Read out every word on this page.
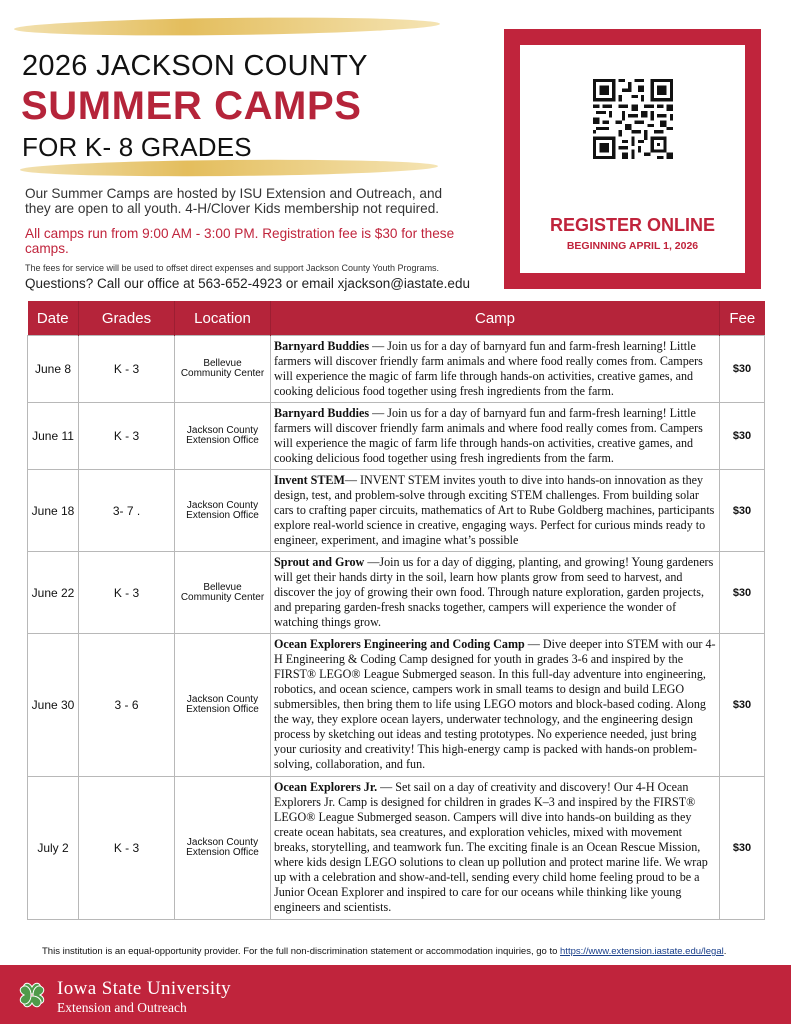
2026 JACKSON COUNTY
SUMMER CAMPS
FOR K- 8 GRADES
Our Summer Camps are hosted by ISU Extension and Outreach, and they are open to all youth. 4-H/Clover Kids membership not required.
All camps run from 9:00 AM - 3:00 PM. Registration fee is $30 for these camps.
The fees for service will be used to offset direct expenses and support Jackson County Youth Programs.
Questions? Call our office at 563-652-4923 or email xjackson@iastate.edu
REGISTER ONLINE
BEGINNING APRIL 1, 2026
Date	Grades	Location	Camp	Fee
June 8	K - 3	Bellevue
Community Center	Barnyard Buddies — Join us for a day of barnyard fun and farm-fresh learning! Little farmers will discover friendly farm animals and where food really comes from. Campers will experience the magic of farm life through hands-on activities, creative games, and cooking delicious food together using fresh ingredients from the farm.	$30
June 11	K - 3	Jackson County
Extension Office	Barnyard Buddies — Join us for a day of barnyard fun and farm-fresh learning! Little farmers will discover friendly farm animals and where food really comes from. Campers will experience the magic of farm life through hands-on activities, creative games, and cooking delicious food together using fresh ingredients from the farm.	$30
June 18	3- 7 .	Jackson County
Extension Office	Invent STEM— INVENT STEM invites youth to dive into hands-on innovation as they design, test, and problem-solve through exciting STEM challenges. From building solar cars to crafting paper circuits, mathematics of Art to Rube Goldberg machines, participants explore real-world science in creative, engaging ways. Perfect for curious minds ready to engineer, experiment, and imagine what’s possible	$30
June 22	K - 3	Bellevue
Community Center	Sprout and Grow —Join us for a day of digging, planting, and growing! Young gardeners will get their hands dirty in the soil, learn how plants grow from seed to harvest, and discover the joy of growing their own food. Through nature exploration, garden projects, and preparing garden-fresh snacks together, campers will experience the wonder of watching things grow.	$30
June 30	3 - 6	Jackson County
Extension Office	Ocean Explorers Engineering and Coding Camp — Dive deeper into STEM with our 4-H Engineering & Coding Camp designed for youth in grades 3-6 and inspired by the FIRST® LEGO® League Submerged season. In this full-day adventure into engineering, robotics, and ocean science, campers work in small teams to design and build LEGO submersibles, then bring them to life using LEGO motors and block-based coding. Along the way, they explore ocean layers, underwater technology, and the engineering design process by sketching out ideas and testing prototypes. No experience needed, just bring your curiosity and creativity! This high-energy camp is packed with hands-on problem-solving, collaboration, and fun.	$30
July 2	K - 3	Jackson County
Extension Office	Ocean Explorers Jr. — Set sail on a day of creativity and discovery! Our 4-H Ocean Explorers Jr. Camp is designed for children in grades K–3 and inspired by the FIRST® LEGO® League Submerged season. Campers will dive into hands-on building as they create ocean habitats, sea creatures, and exploration vehicles, mixed with movement breaks, storytelling, and teamwork fun. The exciting finale is an Ocean Rescue Mission, where kids design LEGO solutions to clean up pollution and protect marine life. We wrap up with a celebration and show-and-tell, sending every child home feeling proud to be a Junior Ocean Explorer and inspired to care for our oceans while thinking like young engineers and scientists.	$30
This institution is an equal-opportunity provider. For the full non-discrimination statement or accommodation inquiries, go to https://www.extension.iastate.edu/legal.
Iowa State University
Extension and Outreach
